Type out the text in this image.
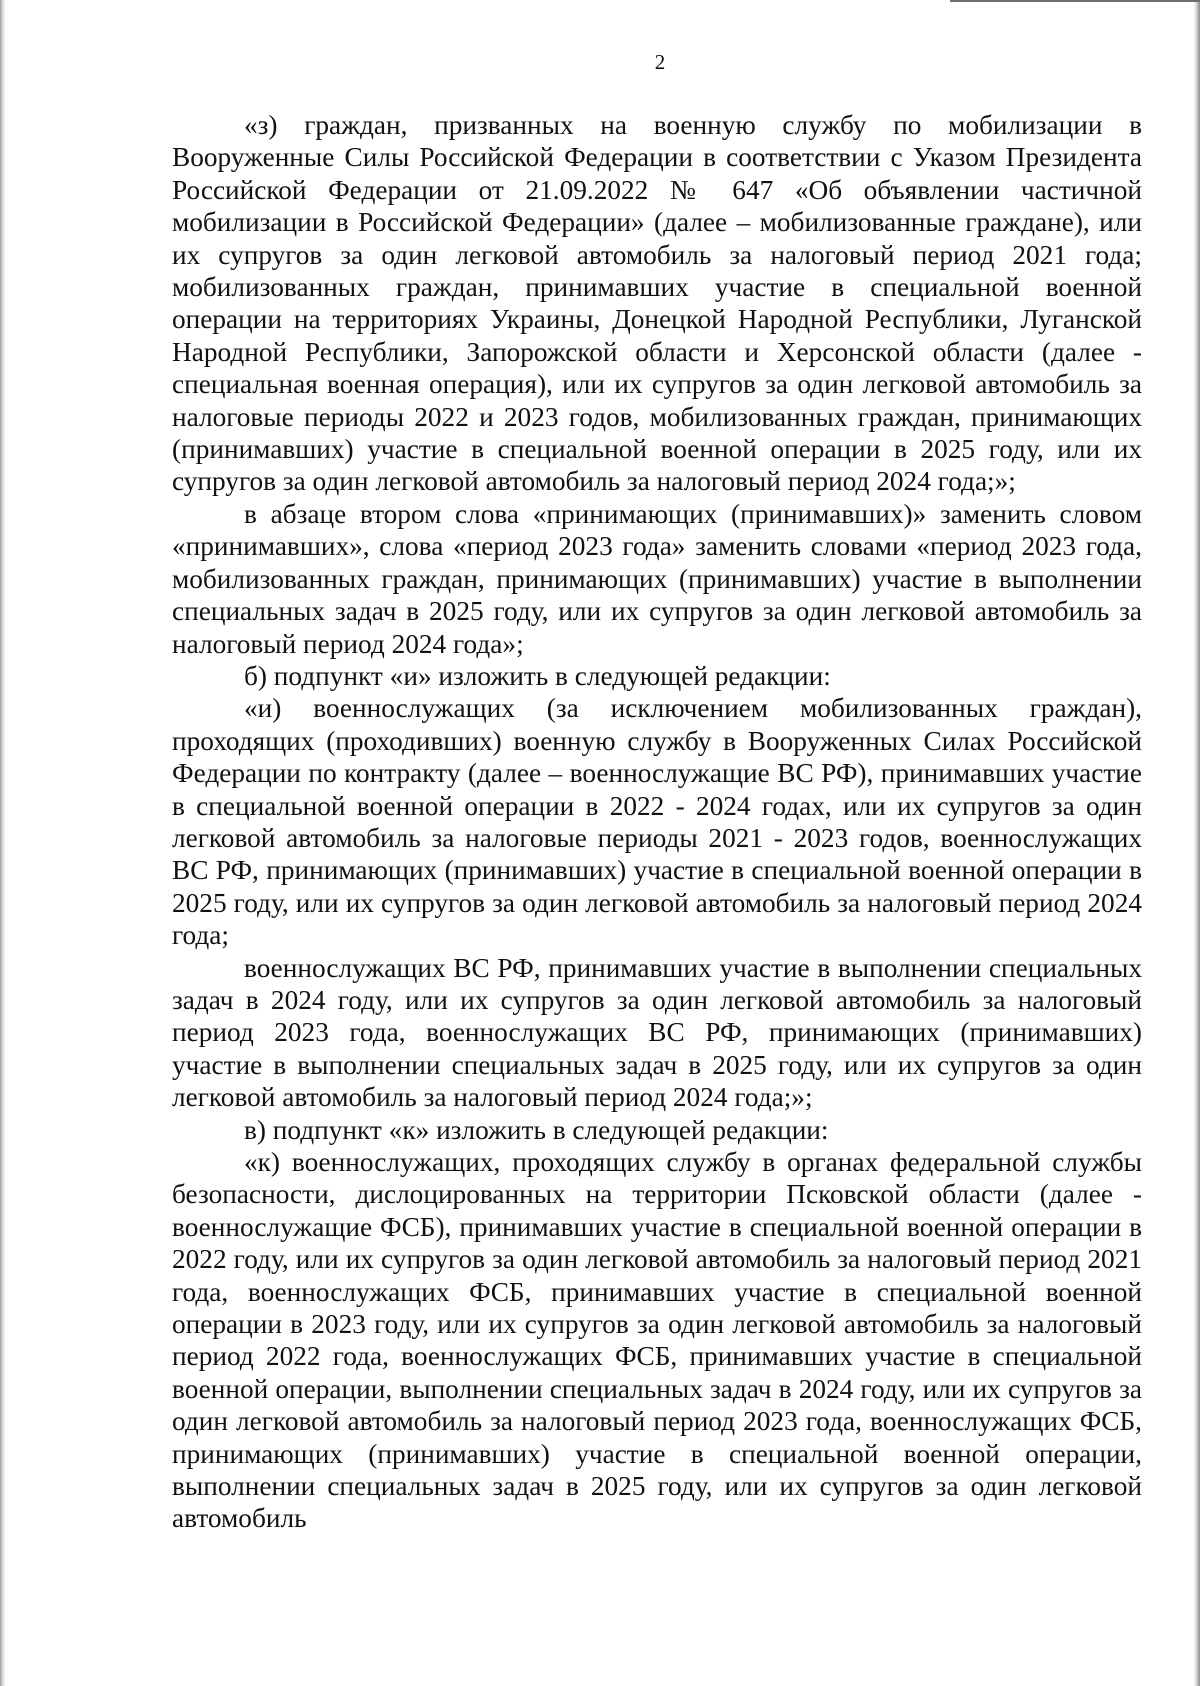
2

«з) граждан, призванных на военную службу по мобилизации в Вооруженные Силы Российской Федерации в соответствии с Указом Президента Российской Федерации от 21.09.2022 № 647 «Об объявлении частичной мобилизации в Российской Федерации» (далее – мобилизованные граждане), или их супругов за один легковой автомобиль за налоговый период 2021 года; мобилизованных граждан, принимавших участие в специальной военной операции на территориях Украины, Донецкой Народной Республики, Луганской Народной Республики, Запорожской области и Херсонской области (далее - специальная военная операция), или их супругов за один легковой автомобиль за налоговые периоды 2022 и 2023 годов, мобилизованных граждан, принимающих (принимавших) участие в специальной военной операции в 2025 году, или их супругов за один легковой автомобиль за налоговый период 2024 года;»;

в абзаце втором слова «принимающих (принимавших)» заменить словом «принимавших», слова «период 2023 года» заменить словами «период 2023 года, мобилизованных граждан, принимающих (принимавших) участие в выполнении специальных задач в 2025 году, или их супругов за один легковой автомобиль за налоговый период 2024 года»;

б) подпункт «и» изложить в следующей редакции:

«и) военнослужащих (за исключением мобилизованных граждан), проходящих (проходивших) военную службу в Вооруженных Силах Российской Федерации по контракту (далее – военнослужащие ВС РФ), принимавших участие в специальной военной операции в 2022 - 2024 годах, или их супругов за один легковой автомобиль за налоговые периоды 2021 - 2023 годов, военнослужащих ВС РФ, принимающих (принимавших) участие в специальной военной операции в 2025 году, или их супругов за один легковой автомобиль за налоговый период 2024 года;

военнослужащих ВС РФ, принимавших участие в выполнении специальных задач в 2024 году, или их супругов за один легковой автомобиль за налоговый период 2023 года, военнослужащих ВС РФ, принимающих (принимавших) участие в выполнении специальных задач в 2025 году, или их супругов за один легковой автомобиль за налоговый период 2024 года;»;

в) подпункт «к» изложить в следующей редакции:

«к) военнослужащих, проходящих службу в органах федеральной службы безопасности, дислоцированных на территории Псковской области (далее - военнослужащие ФСБ), принимавших участие в специальной военной операции в 2022 году, или их супругов за один легковой автомобиль за налоговый период 2021 года, военнослужащих ФСБ, принимавших участие в специальной военной операции в 2023 году, или их супругов за один легковой автомобиль за налоговый период 2022 года, военнослужащих ФСБ, принимавших участие в специальной военной операции, выполнении специальных задач в 2024 году, или их супругов за один легковой автомобиль за налоговый период 2023 года, военнослужащих ФСБ, принимающих (принимавших) участие в специальной военной операции, выполнении специальных задач в 2025 году, или их супругов за один легковой автомобиль
